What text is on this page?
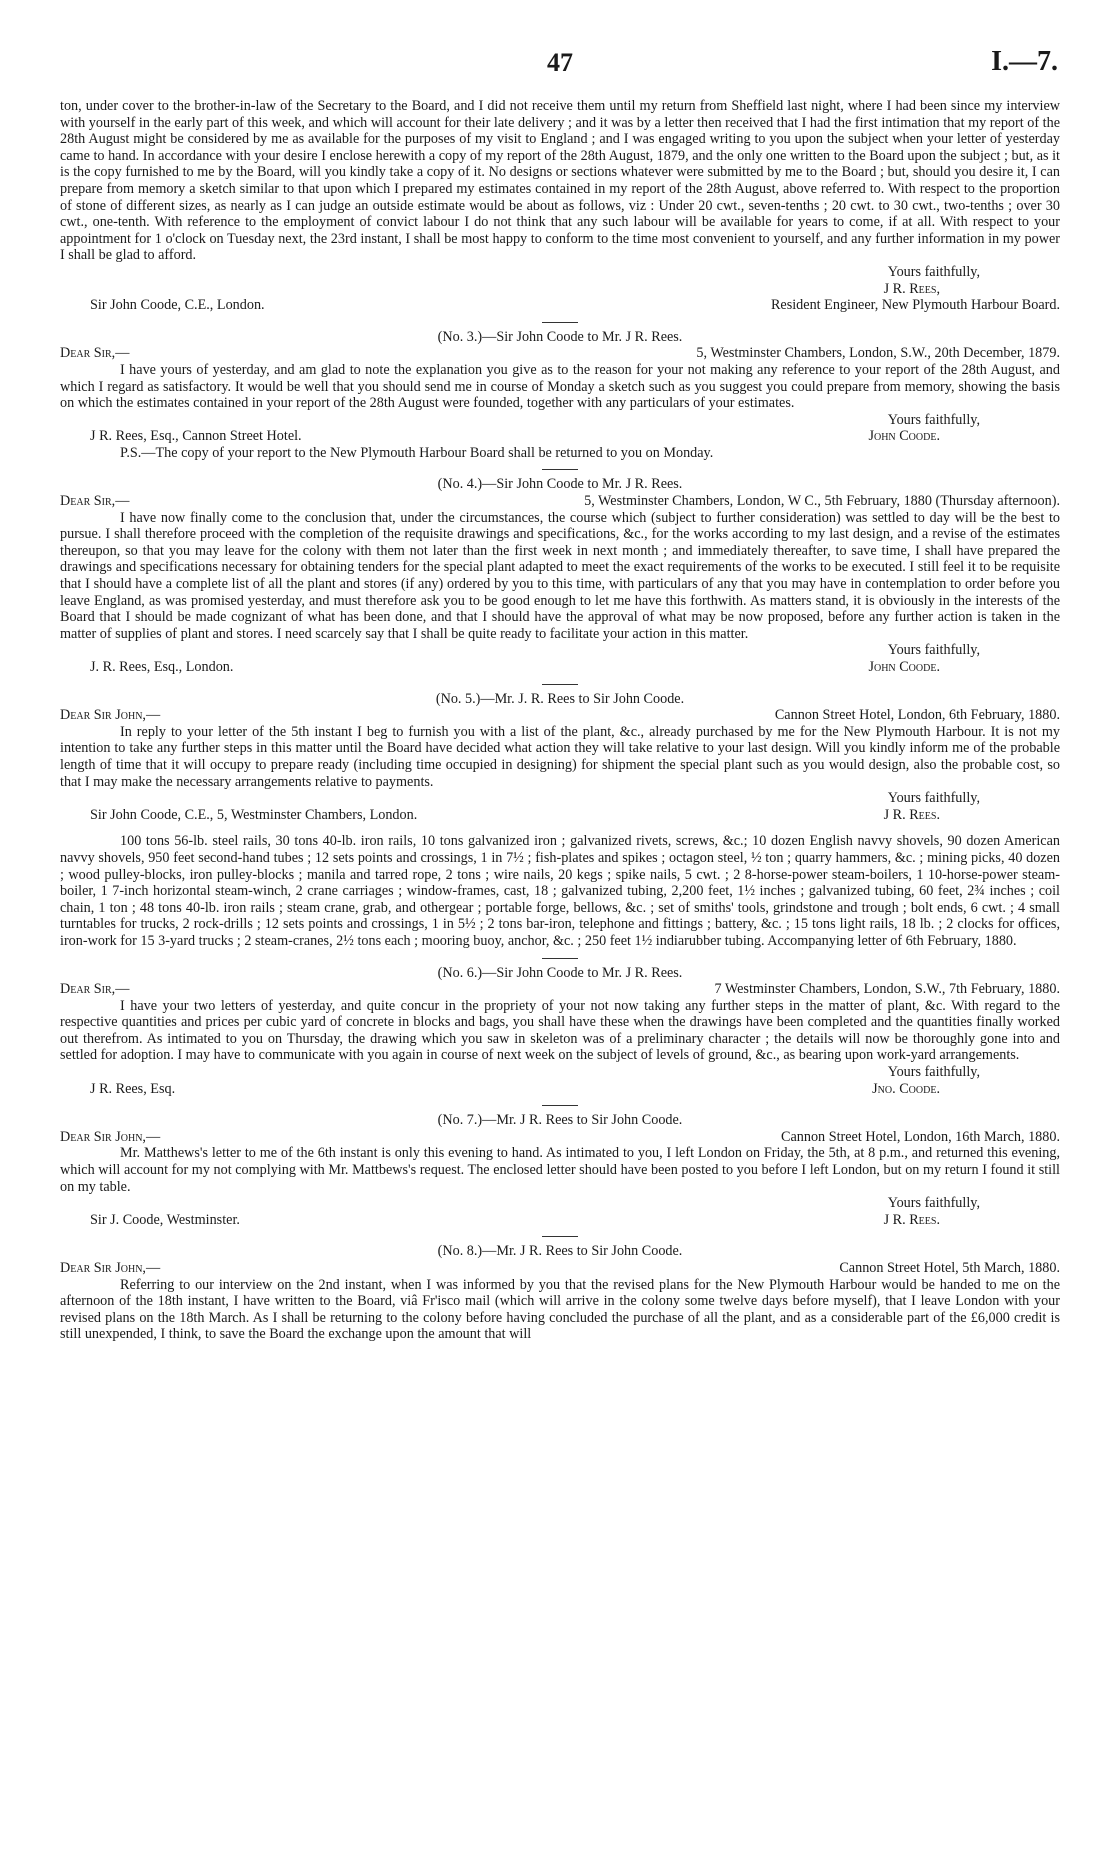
47	I.—7.

ton, under cover to the brother-in-law of the Secretary to the Board, and I did not receive them until my return from Sheffield last night, where I had been since my interview with yourself in the early part of this week, and which will account for their late delivery ; and it was by a letter then received that I had the first intimation that my report of the 28th August might be considered by me as available for the purposes of my visit to England ; and I was engaged writing to you upon the subject when your letter of yesterday came to hand. In accordance with your desire I enclose herewith a copy of my report of the 28th August, 1879, and the only one written to the Board upon the subject ; but, as it is the copy furnished to me by the Board, will you kindly take a copy of it. No designs or sections whatever were submitted by me to the Board ; but, should you desire it, I can prepare from memory a sketch similar to that upon which I prepared my estimates contained in my report of the 28th August, above referred to. With respect to the proportion of stone of different sizes, as nearly as I can judge an outside estimate would be about as follows, viz : Under 20 cwt., seven-tenths ; 20 cwt. to 30 cwt., two-tenths ; over 30 cwt., one-tenth. With reference to the employment of convict labour I do not think that any such labour will be available for years to come, if at all. With respect to your appointment for 1 o'clock on Tuesday next, the 23rd instant, I shall be most happy to conform to the time most convenient to yourself, and any further information in my power I shall be glad to afford.

Yours faithfully,
J R. Rees,
Sir John Coode, C.E., London.	Resident Engineer, New Plymouth Harbour Board.
(No. 3.)—Sir John Coode to Mr. J R. Rees.
Dear Sir,—	5, Westminster Chambers, London, S.W., 20th December, 1879.

I have yours of yesterday, and am glad to note the explanation you give as to the reason for your not making any reference to your report of the 28th August, and which I regard as satisfactory. It would be well that you should send me in course of Monday a sketch such as you suggest you could prepare from memory, showing the basis on which the estimates contained in your report of the 28th August were founded, together with any particulars of your estimates.

Yours faithfully,
J R. Rees, Esq., Cannon Street Hotel.	John Coode.

P.S.—The copy of your report to the New Plymouth Harbour Board shall be returned to you on Monday.

(No. 4.)—Sir John Coode to Mr. J R. Rees.
Dear Sir,—	5, Westminster Chambers, London, W C., 5th February, 1880 (Thursday afternoon).

I have now finally come to the conclusion that, under the circumstances, the course which (subject to further consideration) was settled to day will be the best to pursue. I shall therefore proceed with the completion of the requisite drawings and specifications, &c., for the works according to my last design, and a revise of the estimates thereupon, so that you may leave for the colony with them not later than the first week in next month ; and immediately thereafter, to save time, I shall have prepared the drawings and specifications necessary for obtaining tenders for the special plant adapted to meet the exact requirements of the works to be executed. I still feel it to be requisite that I should have a complete list of all the plant and stores (if any) ordered by you to this time, with particulars of any that you may have in contemplation to order before you leave England, as was promised yesterday, and must therefore ask you to be good enough to let me have this forthwith. As matters stand, it is obviously in the interests of the Board that I should be made cognizant of what has been done, and that I should have the approval of what may be now proposed, before any further action is taken in the matter of supplies of plant and stores. I need scarcely say that I shall be quite ready to facilitate your action in this matter.

Yours faithfully,
J. R. Rees, Esq., London.	John Coode.
(No. 5.)—Mr. J. R. Rees to Sir John Coode.
Dear Sir John,—	Cannon Street Hotel, London, 6th February, 1880.

In reply to your letter of the 5th instant I beg to furnish you with a list of the plant, &c., already purchased by me for the New Plymouth Harbour. It is not my intention to take any further steps in this matter until the Board have decided what action they will take relative to your last design. Will you kindly inform me of the probable length of time that it will occupy to prepare ready (including time occupied in designing) for shipment the special plant such as you would design, also the probable cost, so that I may make the necessary arrangements relative to payments.

Yours faithfully,
Sir John Coode, C.E., 5, Westminster Chambers, London.	J R. Rees.

100 tons 56-lb. steel rails, 30 tons 40-lb. iron rails, 10 tons galvanized iron ; galvanized rivets, screws, &c.; 10 dozen English navvy shovels, 90 dozen American navvy shovels, 950 feet second-hand tubes ; 12 sets points and crossings, 1 in 7½ ; fish-plates and spikes ; octagon steel, ½ ton ; quarry hammers, &c. ; mining picks, 40 dozen ; wood pulley-blocks, iron pulley-blocks ; manila and tarred rope, 2 tons ; wire nails, 20 kegs ; spike nails, 5 cwt. ; 2 8-horse-power steam-boilers, 1 10-horse-power steam-boiler, 1 7-inch horizontal steam-winch, 2 crane carriages ; window-frames, cast, 18 ; galvanized tubing, 2,200 feet, 1½ inches ; galvanized tubing, 60 feet, 2¾ inches ; coil chain, 1 ton ; 48 tons 40-lb. iron rails ; steam crane, grab, and othergear ; portable forge, bellows, &c. ; set of smiths' tools, grindstone and trough ; bolt ends, 6 cwt. ; 4 small turntables for trucks, 2 rock-drills ; 12 sets points and crossings, 1 in 5½ ; 2 tons bar-iron, telephone and fittings ; battery, &c. ; 15 tons light rails, 18 lb. ; 2 clocks for offices, iron-work for 15 3-yard trucks ; 2 steam-cranes, 2½ tons each ; mooring buoy, anchor, &c. ; 250 feet 1½ indiarubber tubing. Accompanying letter of 6th February, 1880.

(No. 6.)—Sir John Coode to Mr. J R. Rees.
Dear Sir,—	7 Westminster Chambers, London, S.W., 7th February, 1880.

I have your two letters of yesterday, and quite concur in the propriety of your not now taking any further steps in the matter of plant, &c. With regard to the respective quantities and prices per cubic yard of concrete in blocks and bags, you shall have these when the drawings have been completed and the quantities finally worked out therefrom. As intimated to you on Thursday, the drawing which you saw in skeleton was of a preliminary character ; the details will now be thoroughly gone into and settled for adoption. I may have to communicate with you again in course of next week on the subject of levels of ground, &c., as bearing upon work-yard arrangements.

Yours faithfully,
J R. Rees, Esq.	Jno. Coode.
(No. 7.)—Mr. J R. Rees to Sir John Coode.
Dear Sir John,—	Cannon Street Hotel, London, 16th March, 1880.

Mr. Matthews's letter to me of the 6th instant is only this evening to hand. As intimated to you, I left London on Friday, the 5th, at 8 p.m., and returned this evening, which will account for my not complying with Mr. Mattbews's request. The enclosed letter should have been posted to you before I left London, but on my return I found it still on my table.

Yours faithfully,
Sir J. Coode, Westminster.	J R. Rees.
(No. 8.)—Mr. J R. Rees to Sir John Coode.
Dear Sir John,—	Cannon Street Hotel, 5th March, 1880.

Referring to our interview on the 2nd instant, when I was informed by you that the revised plans for the New Plymouth Harbour would be handed to me on the afternoon of the 18th instant, I have written to the Board, viâ Fr'isco mail (which will arrive in the colony some twelve days before myself), that I leave London with your revised plans on the 18th March. As I shall be returning to the colony before having concluded the purchase of all the plant, and as a considerable part of the £6,000 credit is still unexpended, I think, to save the Board the exchange upon the amount that will
